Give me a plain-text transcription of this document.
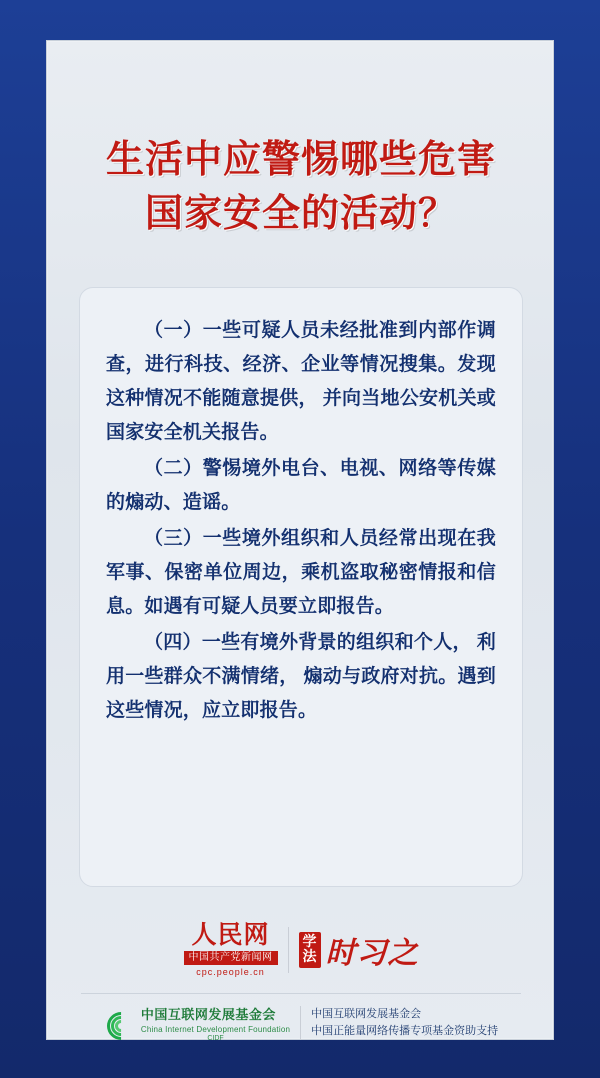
生活中应警惕哪些危害
国家安全的活动？

（一）一些可疑人员未经批准到内部作调查，进行科技、经济、企业等情况搜集。发现这种情况不能随意提供， 并向当地公安机关或国家安全机关报告。

（二）警惕境外电台、电视、网络等传媒的煽动、造谣。

（三）一些境外组织和人员经常出现在我军事、保密单位周边，乘机盗取秘密情报和信息。如遇有可疑人员要立即报告。

（四）一些有境外背景的组织和个人， 利用一些群众不满情绪， 煽动与政府对抗。遇到这些情况，应立即报告。

人民网
中国共产党新闻网
cpc.people.cn
学
法 时习之
中国互联网发展基金会
China Internet Development Foundation
CIDF
中国互联网发展基金会
中国正能量网络传播专项基金资助支持
